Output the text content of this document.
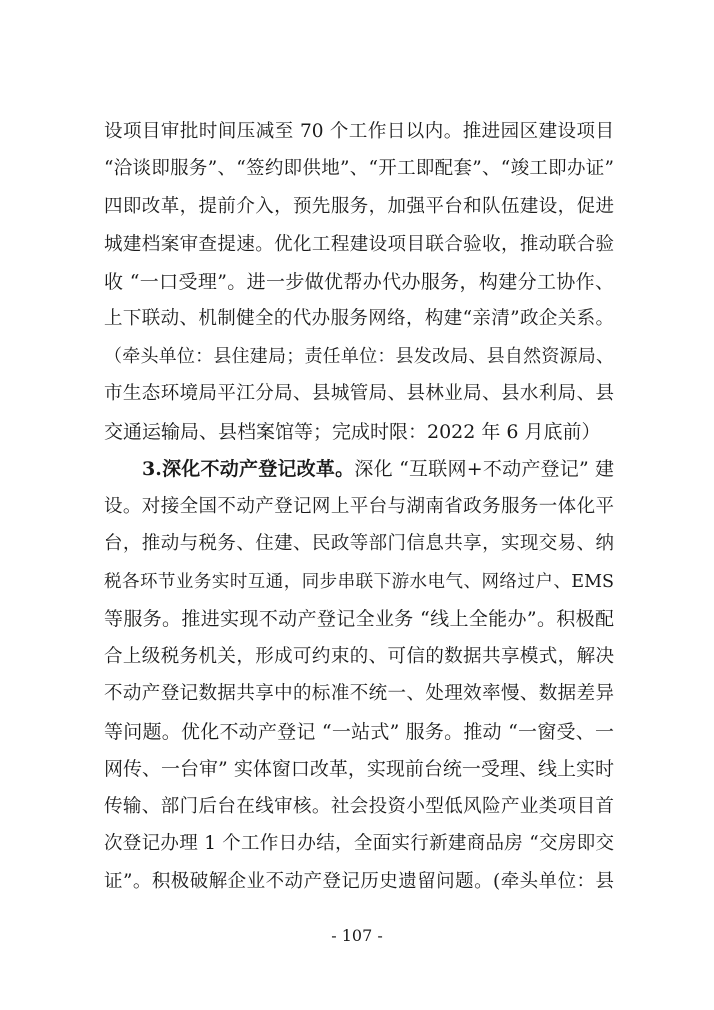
设项目审批时间压减至 70 个工作日以内。推进园区建设项目
“洽谈即服务”、“签约即供地”、“开工即配套”、“竣工即办证”
四即改革，提前介入，预先服务，加强平台和队伍建设，促进
城建档案审查提速。优化工程建设项目联合验收，推动联合验
收 “一口受理”。进一步做优帮办代办服务，构建分工协作、
上下联动、机制健全的代办服务网络，构建“亲清”政企关系。
（牵头单位：县住建局；责任单位：县发改局、县自然资源局、
市生态环境局平江分局、县城管局、县林业局、县水利局、县
交通运输局、县档案馆等；完成时限：2022 年 6 月底前）
3.深化不动产登记改革。深化 “互联网+不动产登记” 建
设。对接全国不动产登记网上平台与湖南省政务服务一体化平
台，推动与税务、住建、民政等部门信息共享，实现交易、纳
税各环节业务实时互通，同步串联下游水电气、网络过户、EMS
等服务。推进实现不动产登记全业务 “线上全能办”。积极配
合上级税务机关，形成可约束的、可信的数据共享模式，解决
不动产登记数据共享中的标准不统一、处理效率慢、数据差异
等问题。优化不动产登记 “一站式” 服务。推动 “一窗受、一
网传、一台审” 实体窗口改革，实现前台统一受理、线上实时
传输、部门后台在线审核。社会投资小型低风险产业类项目首
次登记办理 1 个工作日办结，全面实行新建商品房 “交房即交
证”。积极破解企业不动产登记历史遗留问题。(牵头单位：县
- 107 -
